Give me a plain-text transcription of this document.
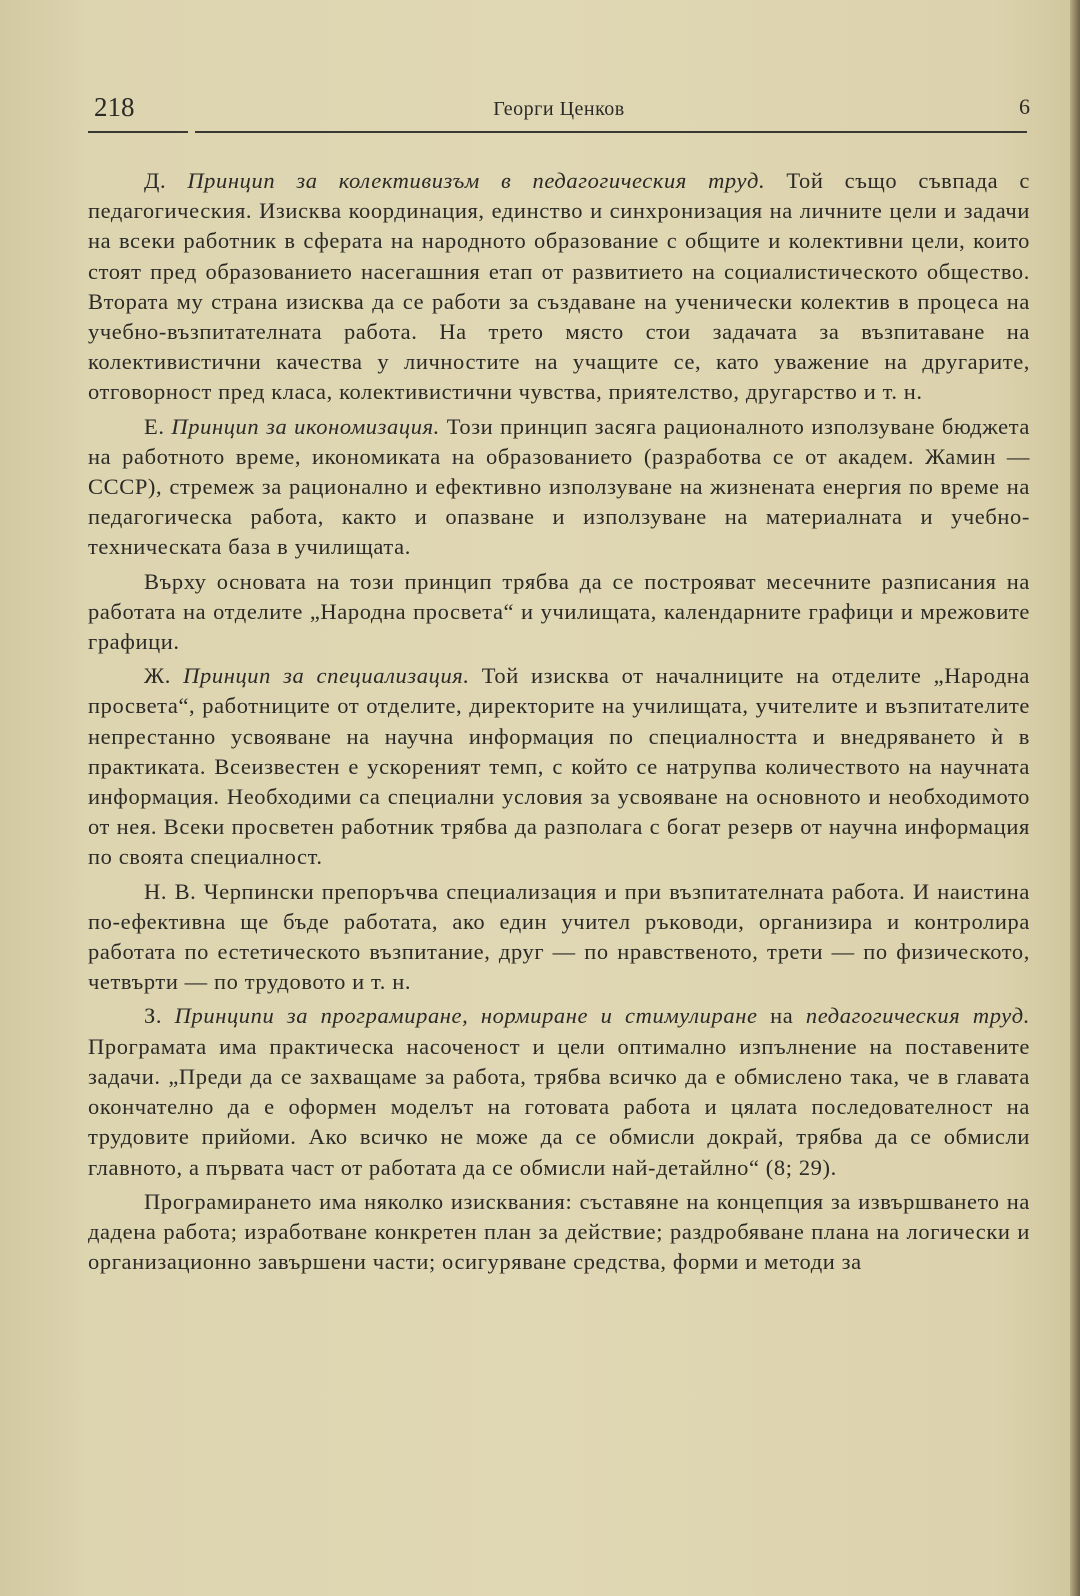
218	Георги Ценков	6

Д. Принцип за колективизъм в педагогическия труд. Той също съвпада с педагогическия. Изисква координация, единство и синхронизация на личните цели и задачи на всеки работник в сферата на народното образование с общите и колективни цели, които стоят пред образованието насегашния етап от развитието на социалистическото общество. Втората му страна изисква да се работи за създаване на ученически колектив в процеса на учебно-възпитателната работа. На трето място стои задачата за възпитаване на колективистични качества у личностите на учащите се, като уважение на другарите, отговорност пред класа, колективистични чувства, приятелство, другарство и т. н.

Е. Принцип за икономизация. Този принцип засяга рационалното използуване бюджета на работното време, икономиката на образованието (разработва се от академ. Жамин — СССР), стремеж за рационално и ефективно използуване на жизнената енергия по време на педагогическа работа, както и опазване и използуване на материалната и учебно-техническата база в училищата.

Върху основата на този принцип трябва да се построяват месечните разписания на работата на отделите „Народна просвета“ и училищата, календарните графици и мрежовите графици.

Ж. Принцип за специализация. Той изисква от началниците на отделите „Народна просвета“, работниците от отделите, директорите на училищата, учителите и възпитателите непрестанно усвояване на научна информация по специалността и внедряването ѝ в практиката. Всеизвестен е ускореният темп, с който се натрупва количеството на научната информация. Необходими са специални условия за усвояване на основното и необходимото от нея. Всеки просветен работник трябва да разполага с богат резерв от научна информация по своята специалност.

Н. В. Черпински препоръчва специализация и при възпитателната работа. И наистина по-ефективна ще бъде работата, ако един учител ръководи, организира и контролира работата по естетическото възпитание, друг — по нравственото, трети — по физическото, четвърти — по трудовото и т. н.

З. Принципи за програмиране, нормиране и стимулиране на педагогическия труд. Програмата има практическа насоченост и цели оптимално изпълнение на поставените задачи. „Преди да се захващаме за работа, трябва всичко да е обмислено така, че в главата окончателно да е оформен моделът на готовата работа и цялата последователност на трудовите прийоми. Ако всичко не може да се обмисли докрай, трябва да се обмисли главното, а първата част от работата да се обмисли най-детайлно“ (8; 29).

Програмирането има няколко изисквания: съставяне на концепция за извършването на дадена работа; изработване конкретен план за действие; раздробяване плана на логически и организационно завършени части; осигуряване средства, форми и методи за
